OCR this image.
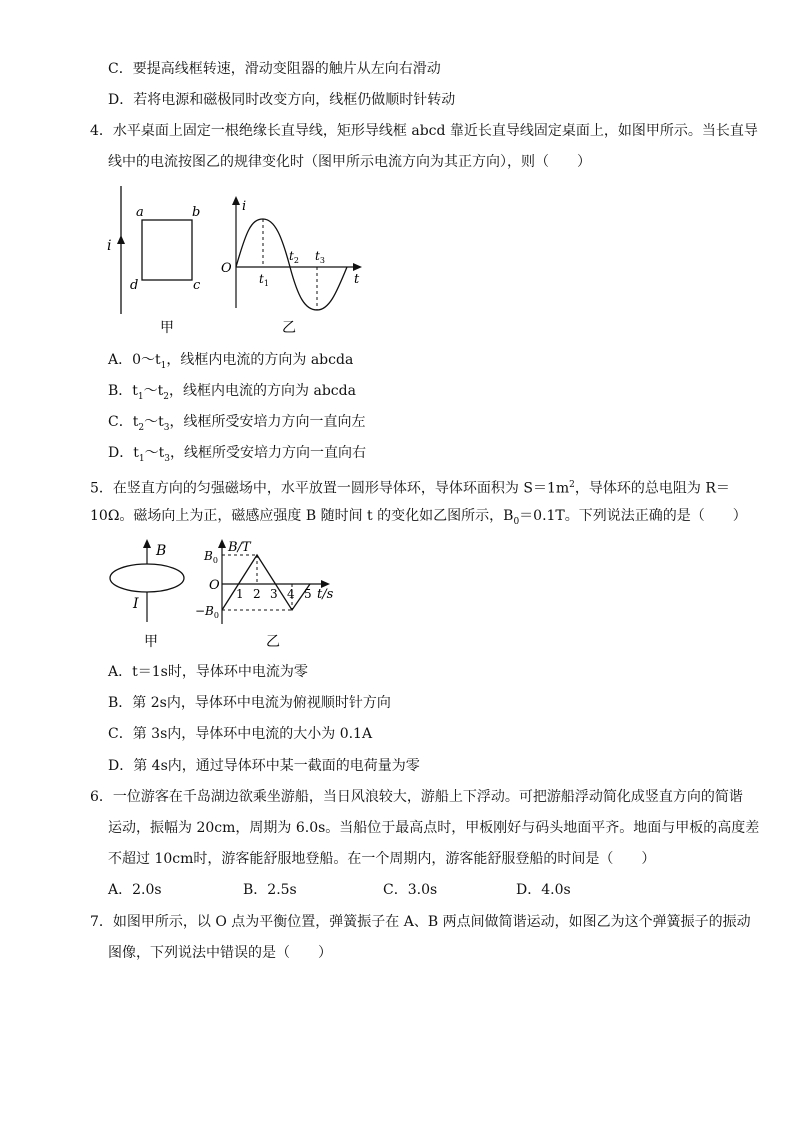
C．要提高线框转速，滑动变阻器的触片从左向右滑动
D．若将电源和磁极同时改变方向，线框仍做顺时针转动
4．水平桌面上固定一根绝缘长直导线，矩形导线框 abcd 靠近长直导线固定桌面上，如图甲所示。当长直导
线中的电流按图乙的规律变化时（图甲所示电流方向为其正方向），则（　　）
i
a	b
c
d
甲
i
O
t
$t_1$
$t_2$ $t_3$
乙
A．$0\sim t_1$，线框内电流的方向为 abcda
B．$t_1\sim t_2$，线框内电流的方向为 abcda
C．$t_2\sim t_3$，线框所受安培力方向一直向左
D．$t_1\sim t_3$，线框所受安培力方向一直向右
5．在竖直方向的匀强磁场中，水平放置一圆形导体环，导体环面积为 $S=1m^2$，导体环的总电阻为 R＝
10Ω。磁场向上为正，磁感应强度 B 随时间 t 的变化如乙图所示，$B_0=0.1T$。下列说法正确的是（　　）
B
I
甲
B/T
$B_0$
O
$-B_0$
1 2 3 4 5 t/s
乙
A．t＝1s时，导体环中电流为零
B．第 2s内，导体环中电流为俯视顺时针方向
C．第 3s内，导体环中电流的大小为 0.1A
D．第 4s内，通过导体环中某一截面的电荷量为零
6．一位游客在千岛湖边欲乘坐游船，当日风浪较大，游船上下浮动。可把游船浮动简化成竖直方向的简谐
运动，振幅为 20cm，周期为 6.0s。当船位于最高点时，甲板刚好与码头地面平齐。地面与甲板的高度差
不超过 10cm时，游客能舒服地登船。在一个周期内，游客能舒服登船的时间是（　　）
A．2.0s	B．2.5s	C．3.0s	D．4.0s
7．如图甲所示，以 O 点为平衡位置，弹簧振子在 A、B 两点间做简谐运动，如图乙为这个弹簧振子的振动
图像，下列说法中错误的是（　　）
